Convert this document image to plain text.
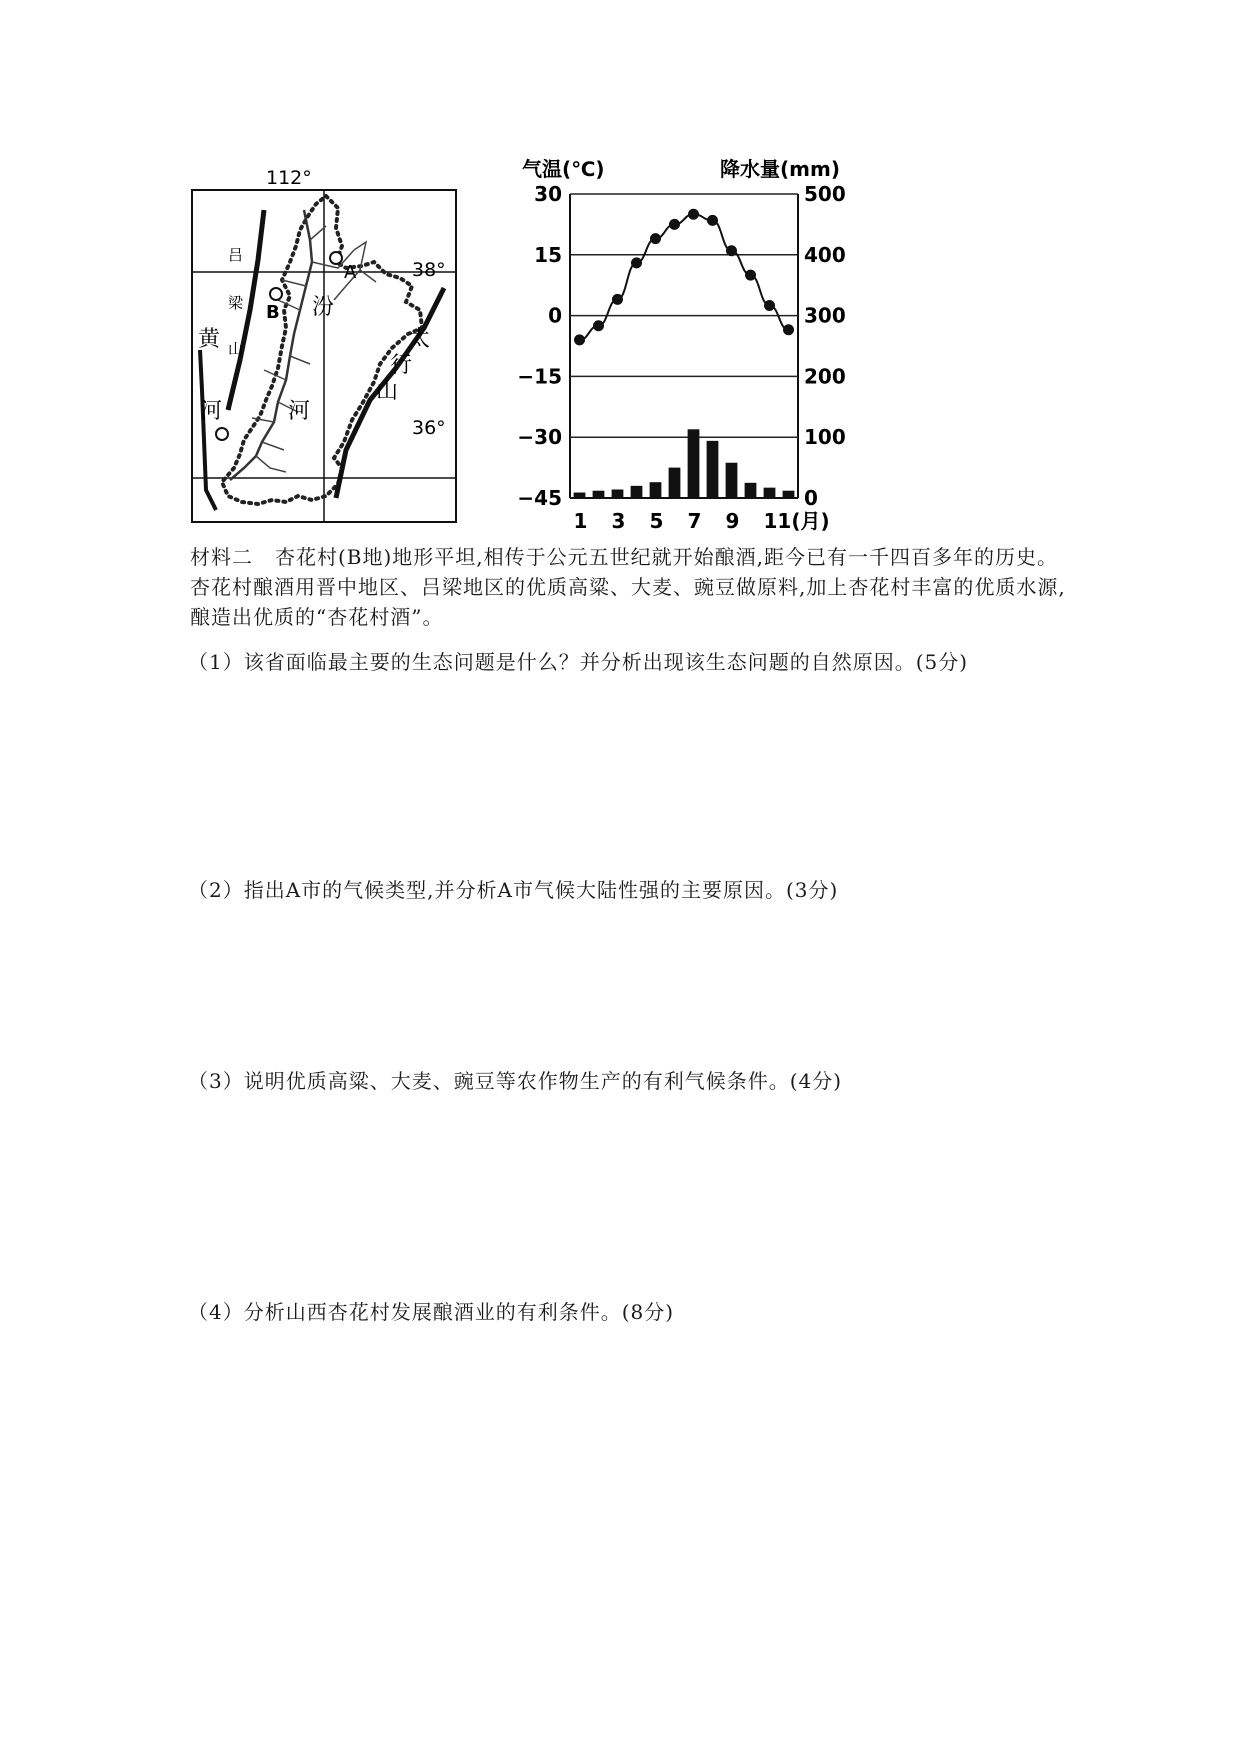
112°
38°
36°
A
B
吕
梁
山
汾
黄
河	河
太
行
山
30	500
15	400
0	300
−15	200
−30	100
−45	0
1 3 5 7 9 11(月)
气温(℃)	降水量(mm)
材料二 杏花村(B地)地形平坦,相传于公元五世纪就开始酿酒,距今已有一千四百多年的历史。杏花村酿酒用晋中地区、吕梁地区的优质高粱、大麦、豌豆做原料,加上杏花村丰富的优质水源,酿造出优质的“杏花村酒”。
（1）该省面临最主要的生态问题是什么？并分析出现该生态问题的自然原因。(5分)
（2）指出A市的气候类型,并分析A市气候大陆性强的主要原因。(3分)
（3）说明优质高粱、大麦、豌豆等农作物生产的有利气候条件。(4分)
（4）分析山西杏花村发展酿酒业的有利条件。(8分)
